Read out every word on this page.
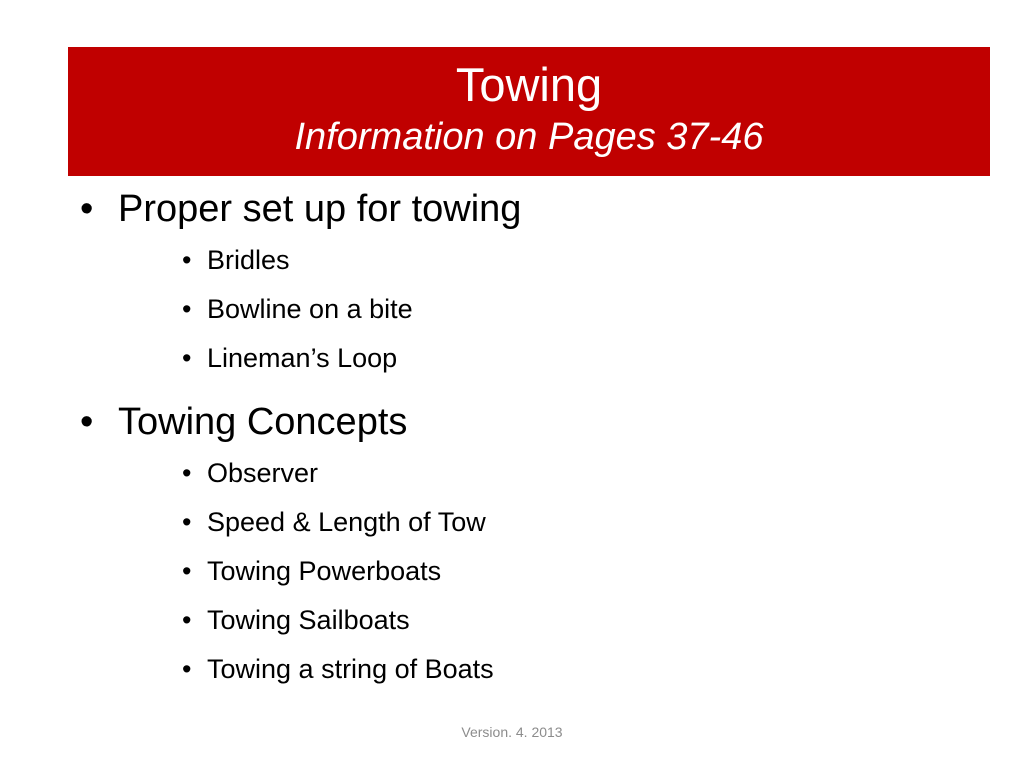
Towing
Information on Pages 37-46

• Proper set up for towing

• Bridles
• Bowline on a bite
• Lineman’s Loop

• Towing Concepts

• Observer
• Speed & Length of Tow
• Towing Powerboats
• Towing Sailboats
• Towing a string of Boats
Version. 4. 2013
